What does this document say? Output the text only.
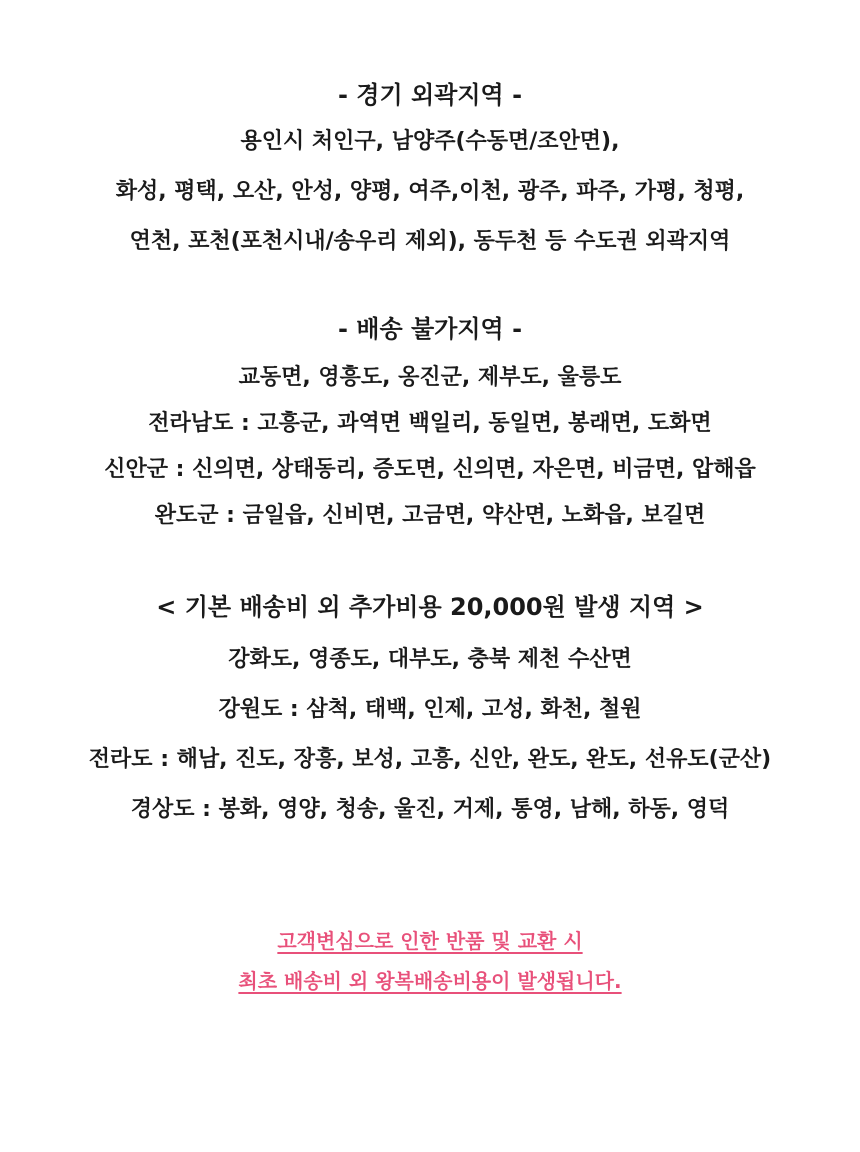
- 경기 외곽지역 -
용인시 처인구, 남양주(수동면/조안면),
화성, 평택, 오산, 안성, 양평, 여주,이천, 광주, 파주, 가평, 청평,
연천, 포천(포천시내/송우리 제외), 동두천 등 수도권 외곽지역
- 배송 불가지역 -
교동면, 영흥도, 옹진군, 제부도, 울릉도
전라남도 : 고흥군, 과역면 백일리, 동일면, 봉래면, 도화면
신안군 : 신의면, 상태동리, 증도면, 신의면, 자은면, 비금면, 압해읍
완도군 : 금일읍, 신비면, 고금면, 약산면, 노화읍, 보길면
< 기본 배송비 외 추가비용 20,000원 발생 지역 >
강화도, 영종도, 대부도, 충북 제천 수산면
강원도 : 삼척, 태백, 인제, 고성, 화천, 철원
전라도 : 해남, 진도, 장흥, 보성, 고흥, 신안, 완도, 완도, 선유도(군산)
경상도 : 봉화, 영양, 청송, 울진, 거제, 통영, 남해, 하동, 영덕
고객변심으로 인한 반품 및 교환 시
최초 배송비 외 왕복배송비용이 발생됩니다.
